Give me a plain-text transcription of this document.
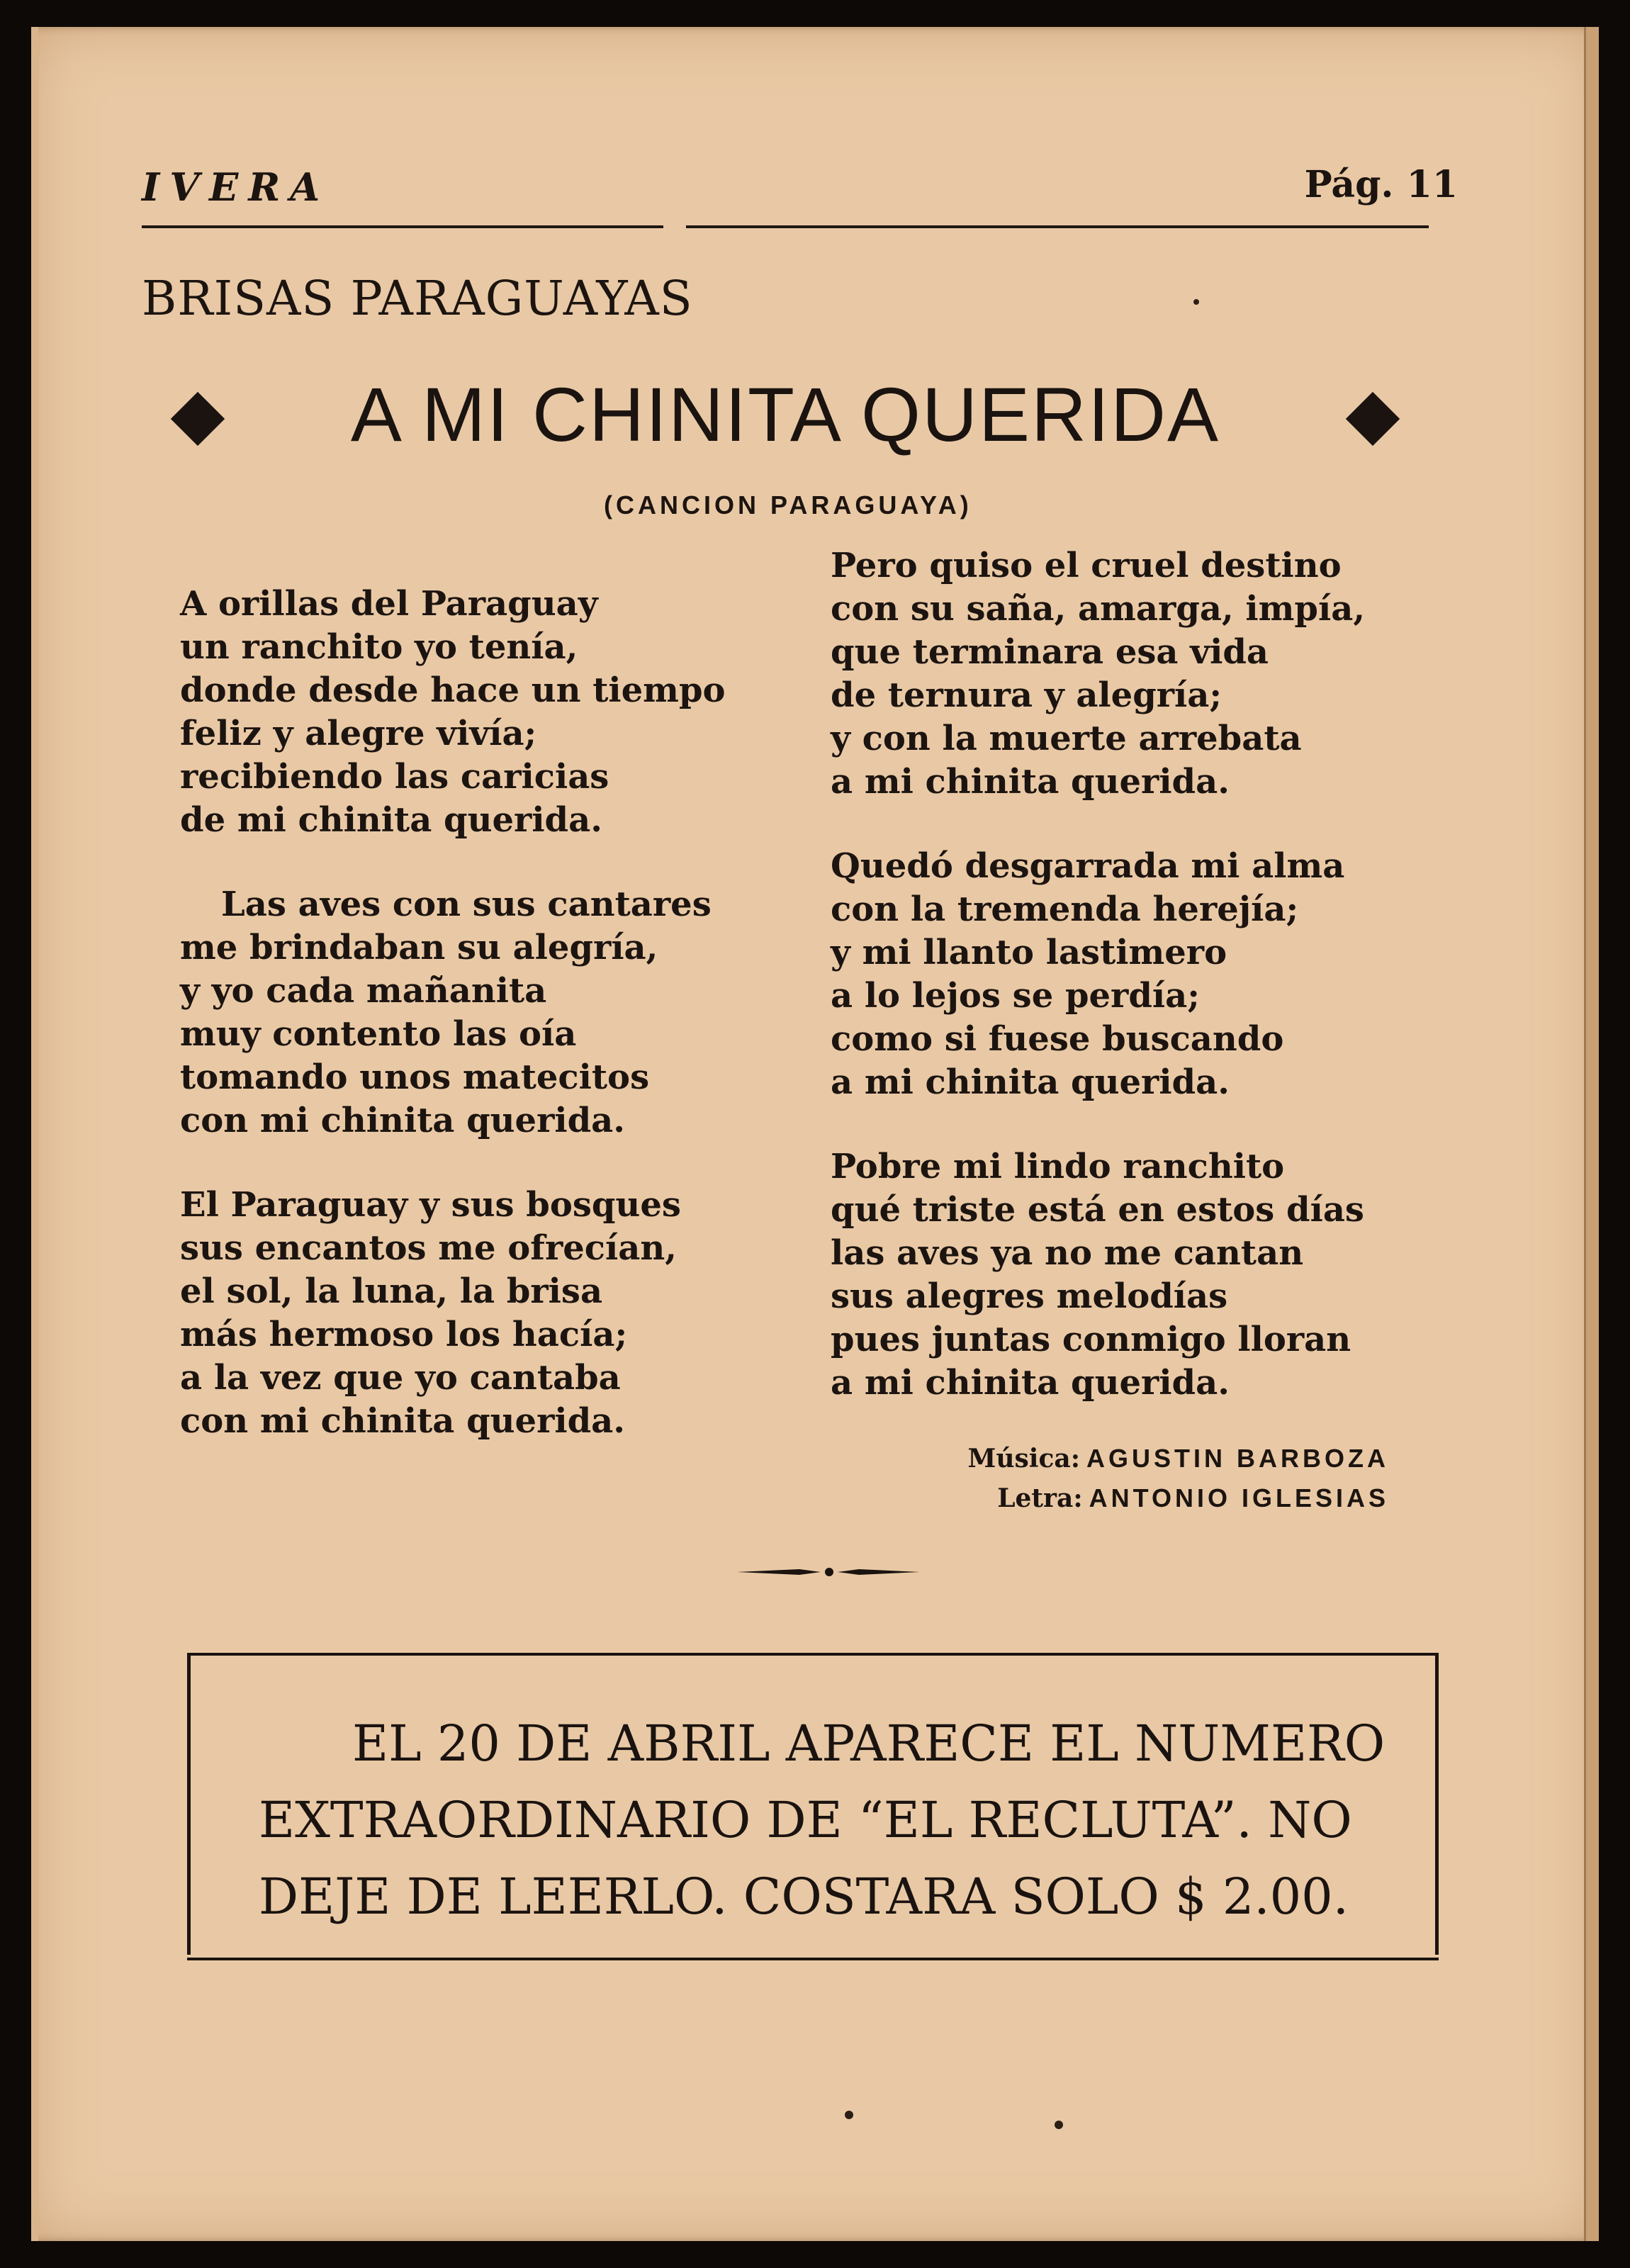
IVERA	Pág. 11
BRISAS PARAGUAYAS
A MI CHINITA QUERIDA
(CANCION PARAGUAYA)
A orillas del Paraguay
un ranchito yo tenía,
donde desde hace un tiempo
feliz y alegre vivía;
recibiendo las caricias
de mi chinita querida.
Las aves con sus cantares
me brindaban su alegría,
y yo cada mañanita
muy contento las oía
tomando unos matecitos
con mi chinita querida.
El Paraguay y sus bosques
sus encantos me ofrecían,
el sol, la luna, la brisa
más hermoso los hacía;
a la vez que yo cantaba
con mi chinita querida.
Pero quiso el cruel destino
con su saña, amarga, impía,
que terminara esa vida
de ternura y alegría;
y con la muerte arrebata
a mi chinita querida.
Quedó desgarrada mi alma
con la tremenda herejía;
y mi llanto lastimero
a lo lejos se perdía;
como si fuese buscando
a mi chinita querida.
Pobre mi lindo ranchito
qué triste está en estos días
las aves ya no me cantan
sus alegres melodías
pues juntas conmigo lloran
a mi chinita querida.
Música: AGUSTIN BARBOZA
Letra: ANTONIO IGLESIAS
EL 20 DE ABRIL APARECE EL NUMERO
EXTRAORDINARIO DE “EL RECLUTA”. NO
DEJE DE LEERLO. COSTARA SOLO $ 2.00.
